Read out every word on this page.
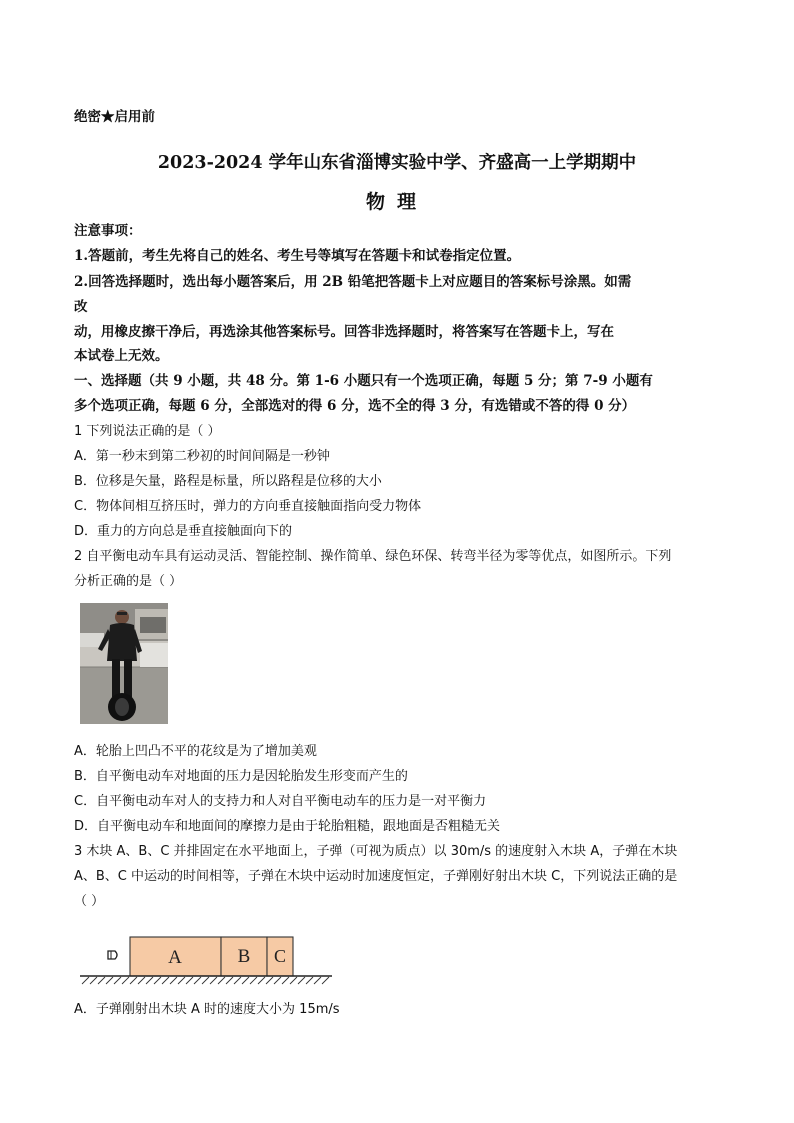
绝密★启用前
2023-2024 学年山东省淄博实验中学、齐盛高一上学期期中
物理
注意事项：
1.答题前，考生先将自己的姓名、考生号等填写在答题卡和试卷指定位置。
2.回答选择题时，选出每小题答案后，用 2B 铅笔把答题卡上对应题目的答案标号涂黑。如需
改
动，用橡皮擦干净后，再选涂其他答案标号。回答非选择题时，将答案写在答题卡上，写在
本试卷上无效。
一、选择题（共 9 小题，共 48 分。第 1-6 小题只有一个选项正确，每题 5 分；第 7-9 小题有
多个选项正确，每题 6 分，全部选对的得 6 分，选不全的得 3 分，有选错或不答的得 0 分）
1 下列说法正确的是（ ）
A．第一秒末到第二秒初的时间间隔是一秒钟
B．位移是矢量，路程是标量，所以路程是位移的大小
C．物体间相互挤压时，弹力的方向垂直接触面指向受力物体
D．重力的方向总是垂直接触面向下的
2 自平衡电动车具有运动灵活、智能控制、操作简单、绿色环保、转弯半径为零等优点，如图所示。下列
分析正确的是（ ）
A．轮胎上凹凸不平的花纹是为了增加美观
B．自平衡电动车对地面的压力是因轮胎发生形变而产生的
C．自平衡电动车对人的支持力和人对自平衡电动车的压力是一对平衡力
D．自平衡电动车和地面间的摩擦力是由于轮胎粗糙，跟地面是否粗糙无关
3 木块 A、B、C 并排固定在水平地面上，子弹（可视为质点）以 30m/s 的速度射入木块 A，子弹在木块
A、B、C 中运动的时间相等，子弹在木块中运动时加速度恒定，子弹刚好射出木块 C，下列说法正确的是
（ ）
A	B C
A．子弹刚射出木块 A 时的速度大小为 15m/s
